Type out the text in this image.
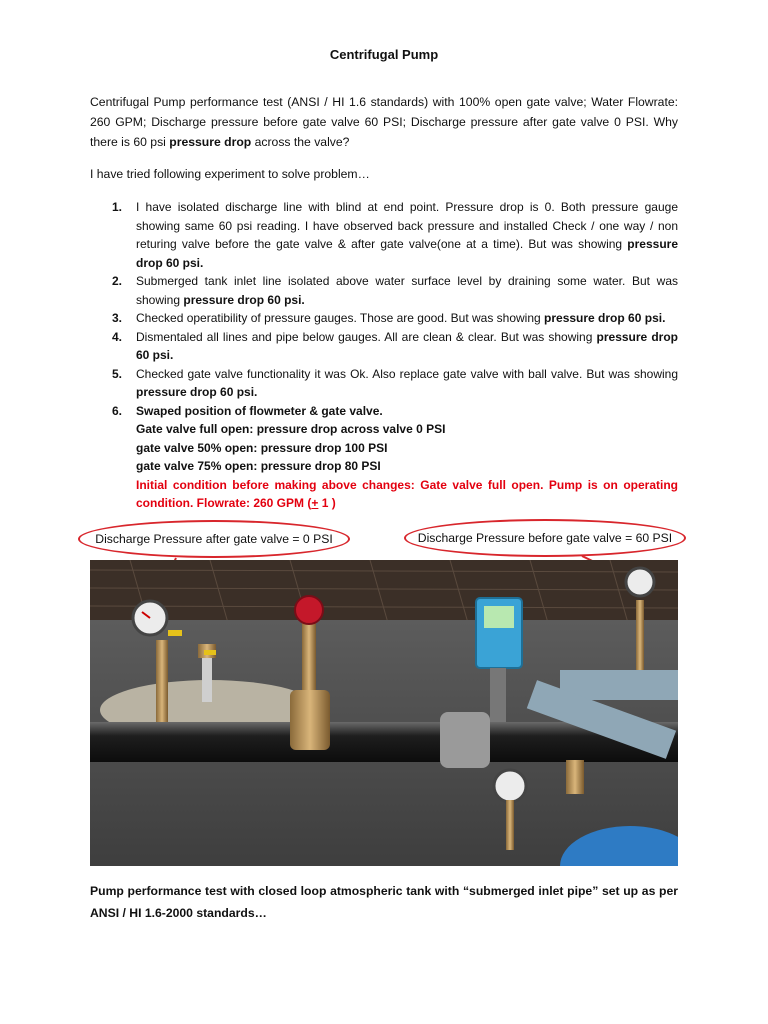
Centrifugal Pump
Centrifugal Pump performance test (ANSI / HI 1.6 standards) with 100% open gate valve; Water Flowrate: 260 GPM; Discharge pressure before gate valve 60 PSI; Discharge pressure after gate valve 0 PSI. Why there is 60 psi pressure drop across the valve?
I have tried following experiment to solve problem…
1. I have isolated discharge line with blind at end point. Pressure drop is 0. Both pressure gauge showing same 60 psi reading. I have observed back pressure and installed Check / one way / non returing valve before the gate valve & after gate valve(one at a time). But was showing pressure drop 60 psi.
2. Submerged tank inlet line isolated above water surface level by draining some water. But was showing pressure drop 60 psi.
3. Checked operatibility of pressure gauges. Those are good. But was showing pressure drop 60 psi.
4. Dismentaled all lines and pipe below gauges. All are clean & clear. But was showing pressure drop 60 psi.
5. Checked gate valve functionality it was Ok. Also replace gate valve with ball valve. But was showing pressure drop 60 psi.
6. Swaped position of flowmeter & gate valve.
Gate valve full open: pressure drop across valve 0 PSI
gate valve 50% open: pressure drop 100 PSI
gate valve 75% open: pressure drop 80 PSI
Initial condition before making above changes: Gate valve full open. Pump is on operating condition. Flowrate: 260 GPM (+ 1 )
Discharge Pressure after gate valve = 0 PSI	Discharge Pressure before gate valve = 60 PSI
Pump performance test with closed loop atmospheric tank with “submerged inlet pipe” set up as per ANSI / HI 1.6-2000 standards…
